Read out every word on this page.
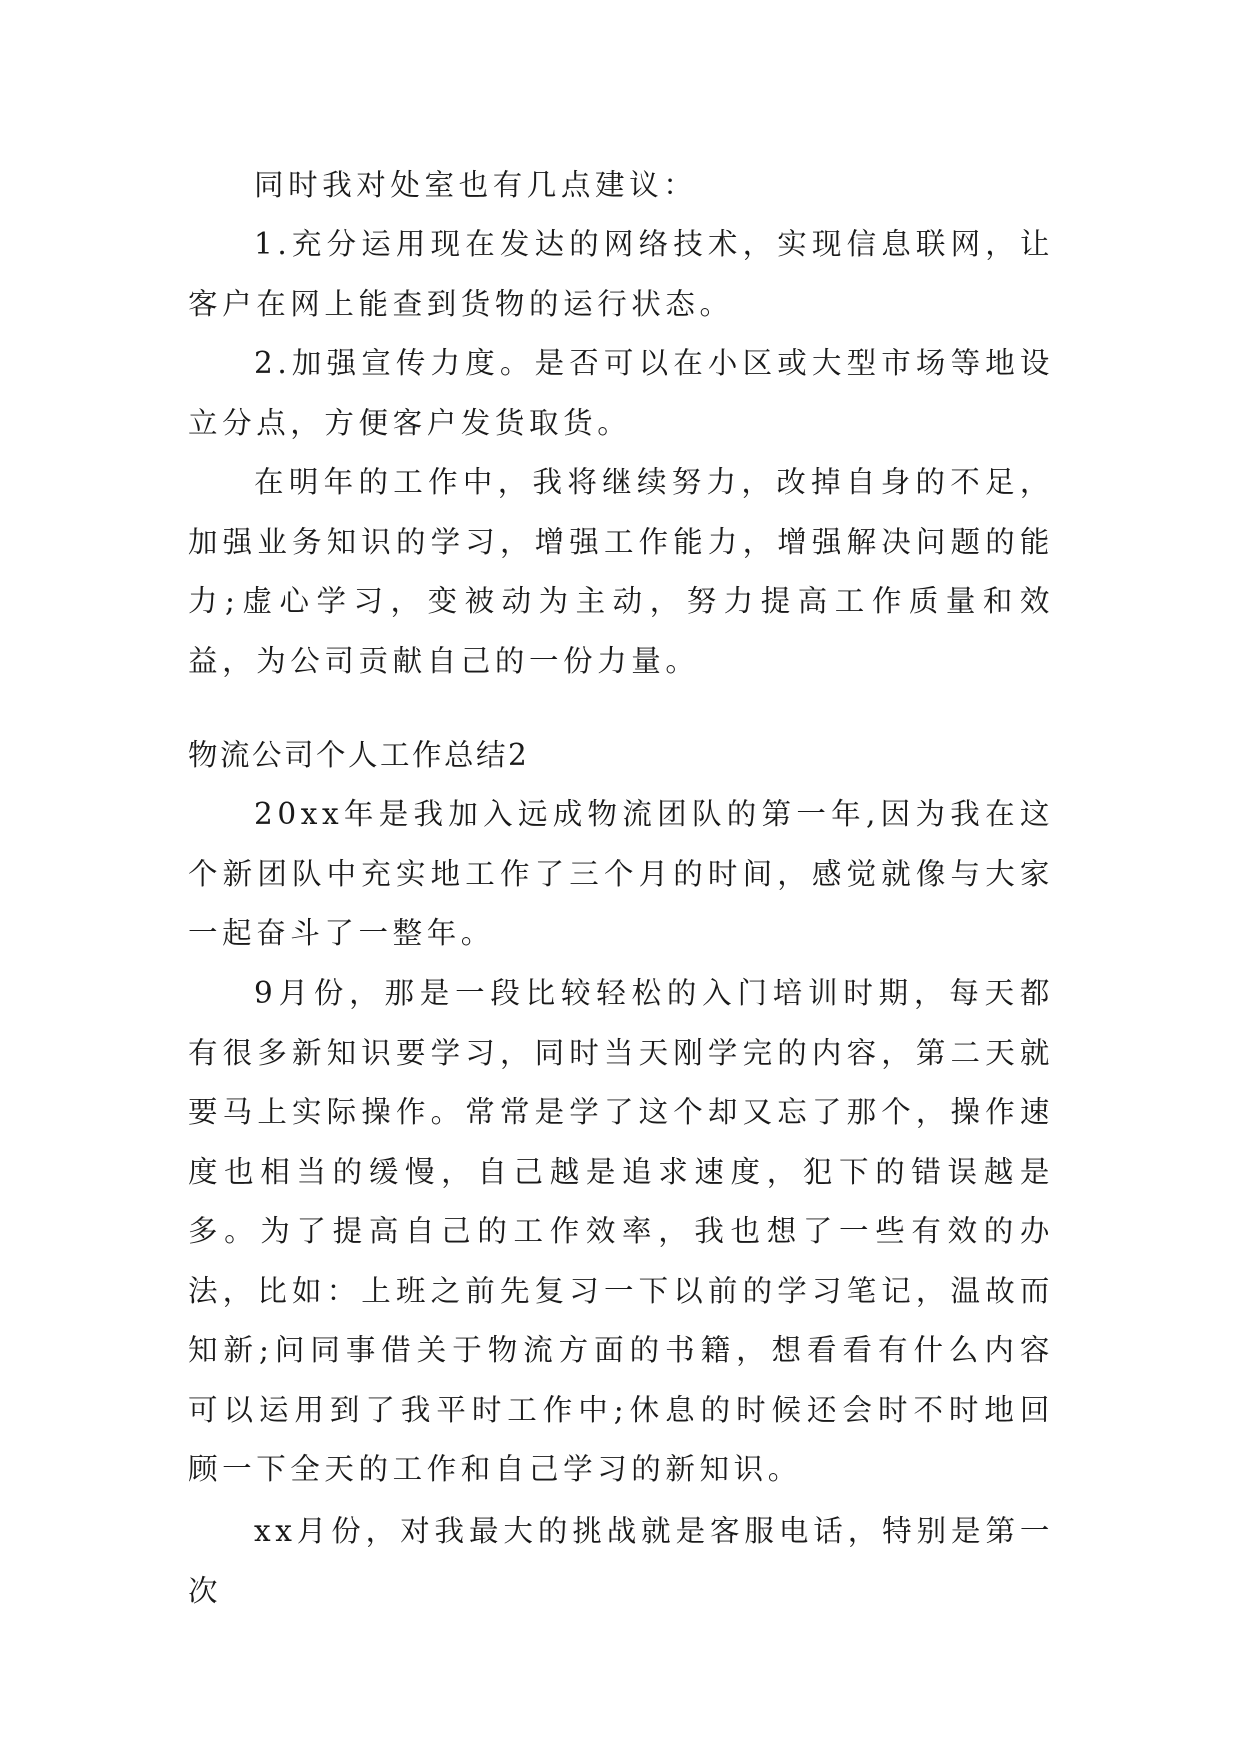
同时我对处室也有几点建议：

1.充分运用现在发达的网络技术，实现信息联网，让客户在网上能查到货物的运行状态。

2.加强宣传力度。是否可以在小区或大型市场等地设立分点，方便客户发货取货。

在明年的工作中，我将继续努力，改掉自身的不足，加强业务知识的学习，增强工作能力，增强解决问题的能力;虚心学习，变被动为主动，努力提高工作质量和效益，为公司贡献自己的一份力量。

物流公司个人工作总结2

20xx年是我加入远成物流团队的第一年,因为我在这个新团队中充实地工作了三个月的时间，感觉就像与大家一起奋斗了一整年。

9月份，那是一段比较轻松的入门培训时期，每天都有很多新知识要学习，同时当天刚学完的内容，第二天就要马上实际操作。常常是学了这个却又忘了那个，操作速度也相当的缓慢，自己越是追求速度，犯下的错误越是多。为了提高自己的工作效率，我也想了一些有效的办法，比如：上班之前先复习一下以前的学习笔记，温故而知新;问同事借关于物流方面的书籍，想看看有什么内容可以运用到了我平时工作中;休息的时候还会时不时地回顾一下全天的工作和自己学习的新知识。

xx月份，对我最大的挑战就是客服电话，特别是第一次
